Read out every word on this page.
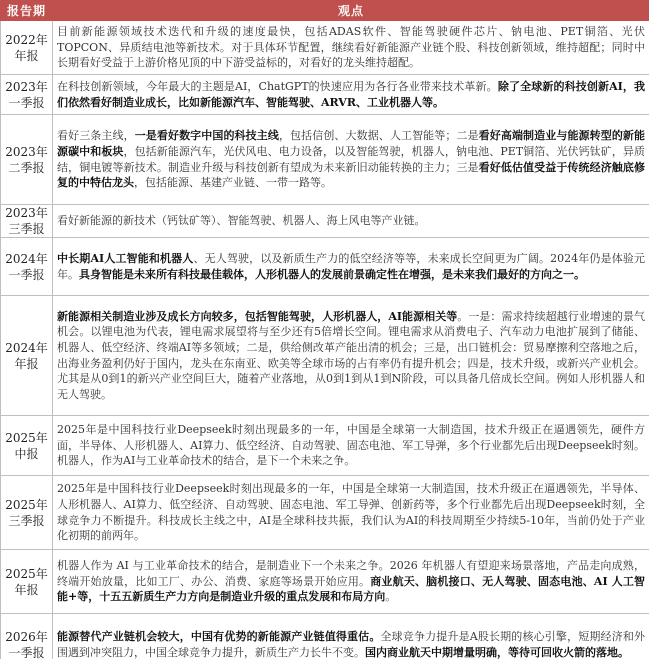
报告期	观点
2022年年报	目前新能源领域技术迭代和升级的速度最快，包括ADAS软件、智能驾驶硬件芯片、钠电池、PET铜箔、光伏TOPCON、异质结电池等新技术。对于具体环节配置，继续看好新能源产业链个股、科技创新领域，维持超配；同时中长期看好受益于上游价格见顶的中下游受益标的，对看好的龙头维持超配。
2023年一季报	在科技创新领域，今年最大的主题是AI，ChatGPT的快速应用为各行各业带来技术革新。除了全球新的科技创新AI，我们依然看好制造业成长，比如新能源汽车、智能驾驶、ARVR、工业机器人等。
2023年二季报	看好三条主线，一是看好数字中国的科技主线，包括信创、大数据、人工智能等；二是看好高端制造业与能源转型的新能源碳中和板块，包括新能源汽车，光伏风电、电力设备，以及智能驾驶，机器人，钠电池、PET铜箔、光伏钙钛矿，异质结，铜电镀等新技术。制造业升级与科技创新有望成为未来新旧动能转换的主力；三是看好低估值受益于传统经济触底修复的中特估龙头，包括能源、基建产业链、一带一路等。
2023年三季报	看好新能源的新技术（钙钛矿等）、智能驾驶、机器人、海上风电等产业链。
2024年一季报	中长期AI人工智能和机器人、无人驾驶，以及新质生产力的低空经济等等，未来成长空间更为广阔。2024年仍是体验元年。具身智能是未来所有科技最佳载体，人形机器人的发展前景确定性在增强，是未来我们最好的方向之一。
2024年年报	新能源相关制造业涉及成长方向较多，包括智能驾驶，人形机器人，AI能源相关等。一是：需求持续超越行业增速的景气机会。以锂电池为代表，锂电需求展望将与至少还有5倍增长空间。锂电需求从消费电子、汽车动力电池扩展到了储能、机器人、低空经济、终端AI等多领域；二是，供给侧改革产能出清的机会；三是，出口链机会：贸易摩擦利空落地之后，出海业务盈利仍好于国内，龙头在东南亚、欧美等全球市场的占有率仍有提升机会；四是，技术升级，或新兴产业机会。尤其是从0到1的新兴产业空间巨大，随着产业落地，从0到1到从1到N阶段，可以具备几倍成长空间。例如人形机器人和无人驾驶。
2025年中报	2025年是中国科技行业Deepseek时刻出现最多的一年，中国是全球第一大制造国，技术升级正在逼遇领先，硬件方面，半导体、人形机器人、AI算力、低空经济、自动驾驶、固态电池、军工导弹，多个行业都先后出现Deepseek时刻。机器人，作为AI与工业革命技术的结合，是下一个未来之争。
2025年三季报	2025年是中国科技行业Deepseek时刻出现最多的一年，中国是全球第一大制造国，技术升级正在逼遇领先，半导体、人形机器人、AI算力、低空经济、自动驾驶、固态电池、军工导弹、创新药等，多个行业都先后出现Deepseek时刻，全球竞争力不断提升。科技成长主线之中，AI是全球科技共振，我们认为AI的科技周期至少持续5-10年，当前仍处于产业化初期的前两年。
2025年年报	机器人作为 AI 与工业革命技术的结合，是制造业下一个未来之争。2026 年机器人有望迎来场景落地，产品走向成熟，终端开始放量，比如工厂、办公、消费、家庭等场景开始应用。商业航天、脑机接口、无人驾驶、固态电池、AI 人工智能+等，十五五新质生产力方向是制造业升级的重点发展和布局方向。
2026年一季报	能源替代产业链机会较大，中国有优势的新能源产业链值得重估。全球竞争力提升是A股长期的核心引擎，短期经济和外围遇到冲突阻力，中国全球竞争力提升，新质生产力长牛不变。国内商业航天中期增量明确，等待可回收火箭的落地。
